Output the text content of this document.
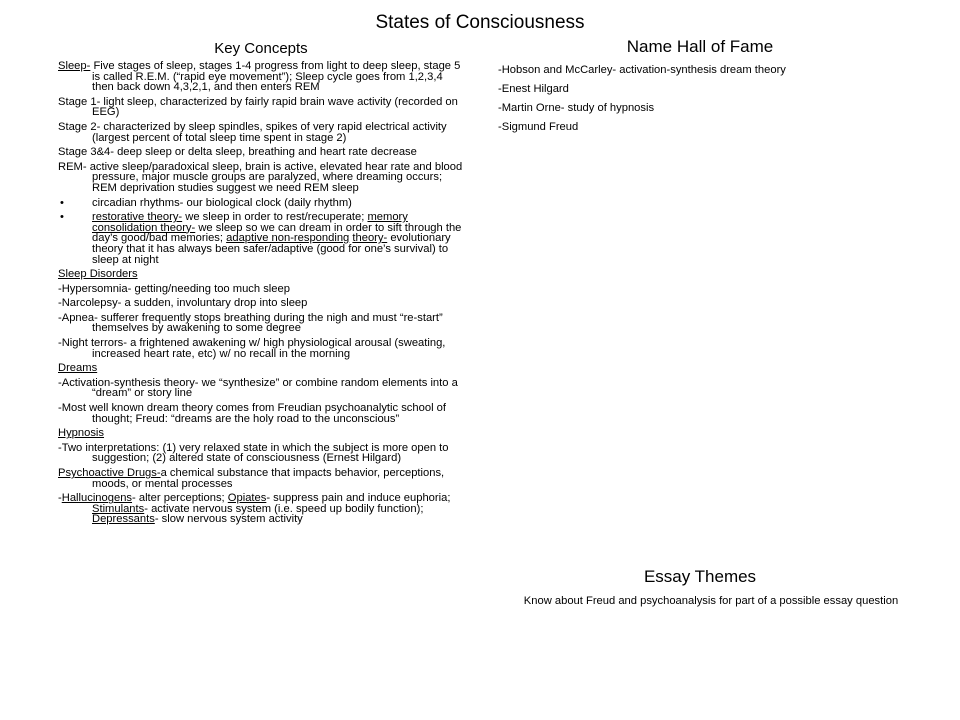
States of Consciousness
Key Concepts
Sleep- Five stages of sleep, stages 1-4 progress from light to deep sleep, stage 5 is called R.E.M. (“rapid eye movement”); Sleep cycle goes from 1,2,3,4 then back down 4,3,2,1, and then enters REM
Stage 1- light sleep, characterized by fairly rapid brain wave activity (recorded on EEG)
Stage 2- characterized by sleep spindles, spikes of very rapid electrical activity (largest percent of total sleep time spent in stage 2)
Stage 3&4- deep sleep or delta sleep, breathing and heart rate decrease
REM- active sleep/paradoxical sleep, brain is active, elevated hear rate and blood pressure, major muscle groups are paralyzed, where dreaming occurs; REM deprivation studies suggest we need REM sleep
•	circadian rhythms- our biological clock (daily rhythm)
•	restorative theory- we sleep in order to rest/recuperate; memory consolidation theory- we sleep so we can dream in order to sift through the day’s good/bad memories; adaptive non-responding theory- evolutionary theory that it has always been safer/adaptive (good for one’s survival) to sleep at night
Sleep Disorders
-Hypersomnia- getting/needing too much sleep
-Narcolepsy- a sudden, involuntary drop into sleep
-Apnea- sufferer frequently stops breathing during the nigh and must “re-start” themselves by awakening to some degree
-Night terrors- a frightened awakening w/ high physiological arousal (sweating, increased heart rate, etc) w/ no recall in the morning
Dreams
-Activation-synthesis theory- we “synthesize” or combine random elements into a “dream” or story line
-Most well known dream theory comes from Freudian psychoanalytic school of thought; Freud: “dreams are the holy road to the unconscious”
Hypnosis
-Two interpretations: (1) very relaxed state in which the subject is more open to suggestion; (2) altered state of consciousness (Ernest Hilgard)
Psychoactive Drugs-a chemical substance that impacts behavior, perceptions, moods, or mental processes
-Hallucinogens- alter perceptions; Opiates- suppress pain and induce euphoria; Stimulants- activate nervous system (i.e. speed up bodily function); Depressants- slow nervous system activity
Name Hall of Fame
-Hobson and McCarley- activation-synthesis dream theory
-Enest Hilgard
-Martin Orne- study of hypnosis
-Sigmund Freud
Essay Themes
Know about Freud and psychoanalysis for part of a possible essay question
